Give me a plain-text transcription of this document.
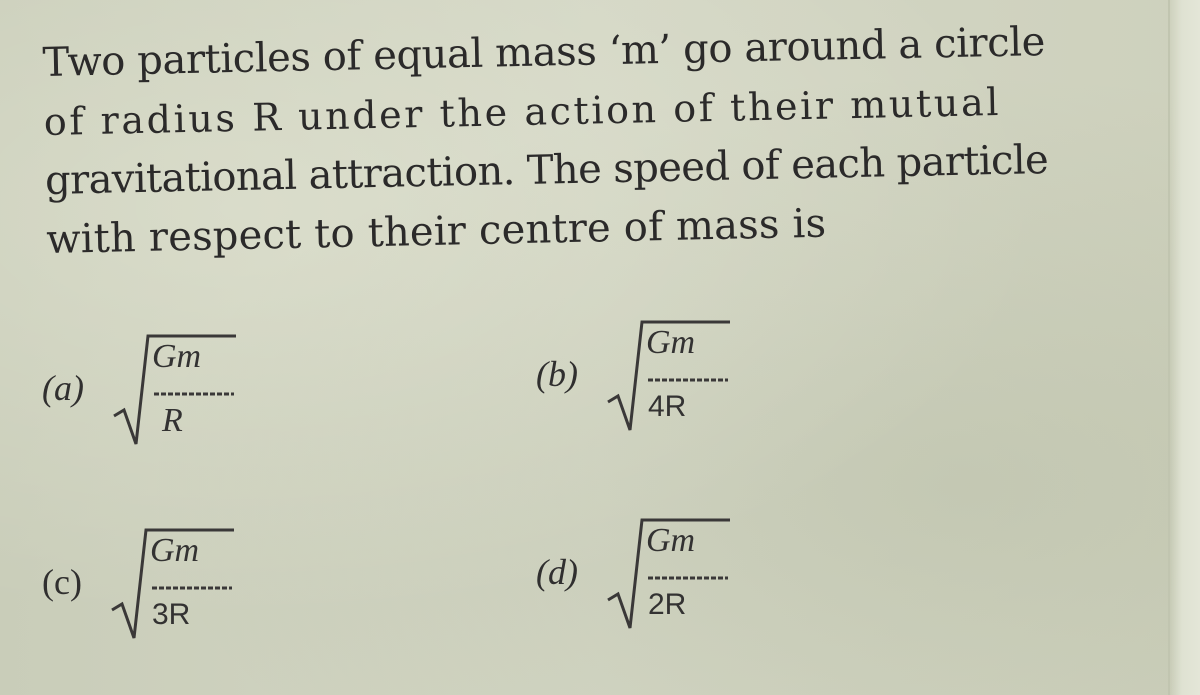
Two particles of equal mass ‘m’ go around a circle
of radius R under the action of their mutual
gravitational attraction. The speed of each particle
with respect to their centre of mass is
(a)
Gm
R
(b)
Gm
4R
(c)
Gm
3R
(d)
Gm
2R
